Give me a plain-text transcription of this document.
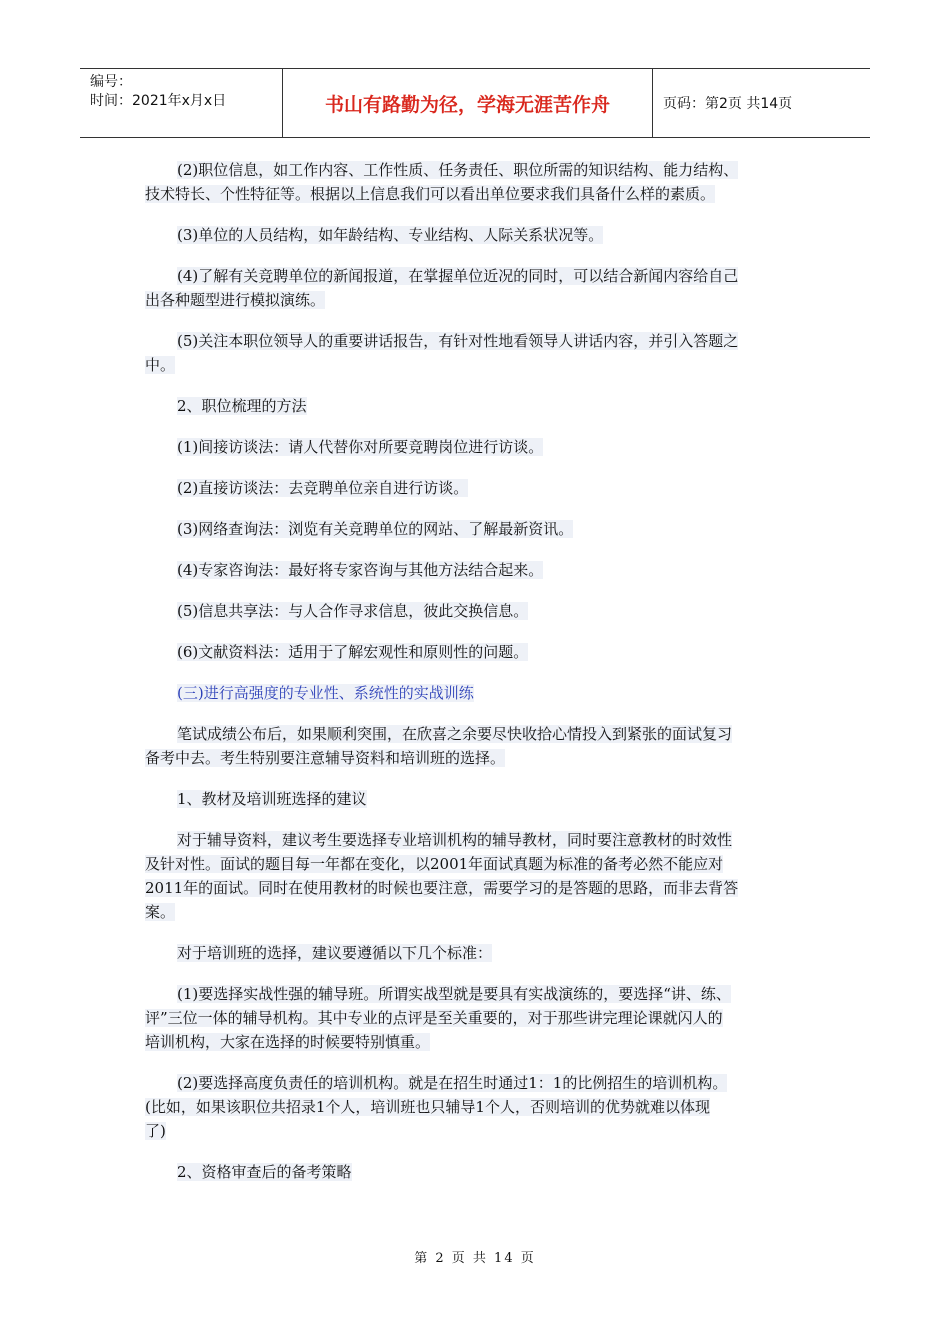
编号：
时间：2021年x月x日	书山有路勤为径，学海无涯苦作舟	页码：第2页 共14页

(2)职位信息，如工作内容、工作性质、任务责任、职位所需的知识结构、能力结构、
技术特长、个性特征等。根据以上信息我们可以看出单位要求我们具备什么样的素质。

(3)单位的人员结构，如年龄结构、专业结构、人际关系状况等。

(4)了解有关竞聘单位的新闻报道，在掌握单位近况的同时，可以结合新闻内容给自己
出各种题型进行模拟演练。

(5)关注本职位领导人的重要讲话报告，有针对性地看领导人讲话内容，并引入答题之
中。

2、职位梳理的方法

(1)间接访谈法：请人代替你对所要竞聘岗位进行访谈。

(2)直接访谈法：去竞聘单位亲自进行访谈。

(3)网络查询法：浏览有关竞聘单位的网站、了解最新资讯。

(4)专家咨询法：最好将专家咨询与其他方法结合起来。

(5)信息共享法：与人合作寻求信息，彼此交换信息。

(6)文献资料法：适用于了解宏观性和原则性的问题。

(三)进行高强度的专业性、系统性的实战训练

笔试成绩公布后，如果顺利突围，在欣喜之余要尽快收拾心情投入到紧张的面试复习
备考中去。考生特别要注意辅导资料和培训班的选择。

1、教材及培训班选择的建议

对于辅导资料，建议考生要选择专业培训机构的辅导教材，同时要注意教材的时效性
及针对性。面试的题目每一年都在变化，以2001年面试真题为标准的备考必然不能应对
2011年的面试。同时在使用教材的时候也要注意，需要学习的是答题的思路，而非去背答
案。

对于培训班的选择，建议要遵循以下几个标准：

(1)要选择实战性强的辅导班。所谓实战型就是要具有实战演练的，要选择“讲、练、
评”三位一体的辅导机构。其中专业的点评是至关重要的，对于那些讲完理论课就闪人的
培训机构，大家在选择的时候要特别慎重。

(2)要选择高度负责任的培训机构。就是在招生时通过1：1的比例招生的培训机构。
(比如，如果该职位共招录1个人，培训班也只辅导1个人，否则培训的优势就难以体现
了)

2、资格审查后的备考策略

第 2 页 共 14 页
